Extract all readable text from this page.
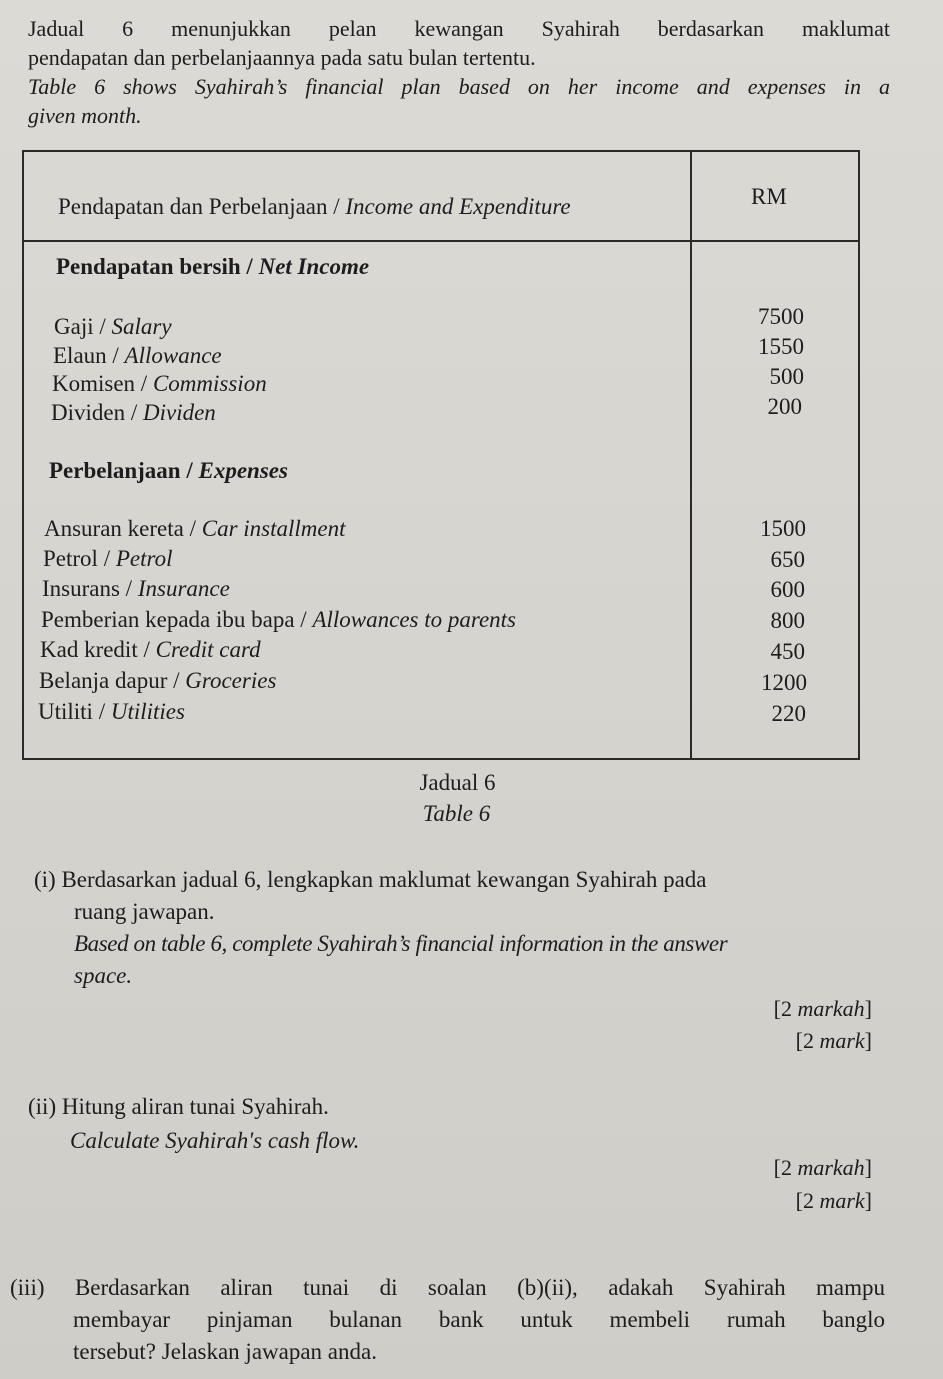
Jadual 6 menunjukkan pelan kewangan Syahirah berdasarkan maklumat

pendapatan dan perbelanjaannya pada satu bulan tertentu.

Table 6 shows Syahirah’s financial plan based on her income and expenses in a

given month.

Pendapatan dan Perbelanjaan / Income and Expenditure	RM
Pendapatan bersih / Net Income
Gaji / Salary
Elaun / Allowance
Komisen / Commission
Dividen / Dividen
7500
1550
500
200
Perbelanjaan / Expenses
Ansuran kereta / Car installment
Petrol / Petrol
Insurans / Insurance
Pemberian kepada ibu bapa / Allowances to parents
Kad kredit / Credit card
Belanja dapur / Groceries
Utiliti / Utilities
1500
650
600
800
450
1200
220
Jadual 6
Table 6

(i) Berdasarkan jadual 6, lengkapkan maklumat kewangan Syahirah pada

ruang jawapan.

Based on table 6, complete Syahirah’s financial information in the answer

space.

[2 markah]
[2 mark]

(ii) Hitung aliran tunai Syahirah.

Calculate Syahirah's cash flow.

[2 markah]
[2 mark]

(iii) Berdasarkan aliran tunai di soalan (b)(ii), adakah Syahirah mampu

membayar pinjaman bulanan bank untuk membeli rumah banglo

tersebut? Jelaskan jawapan anda.
